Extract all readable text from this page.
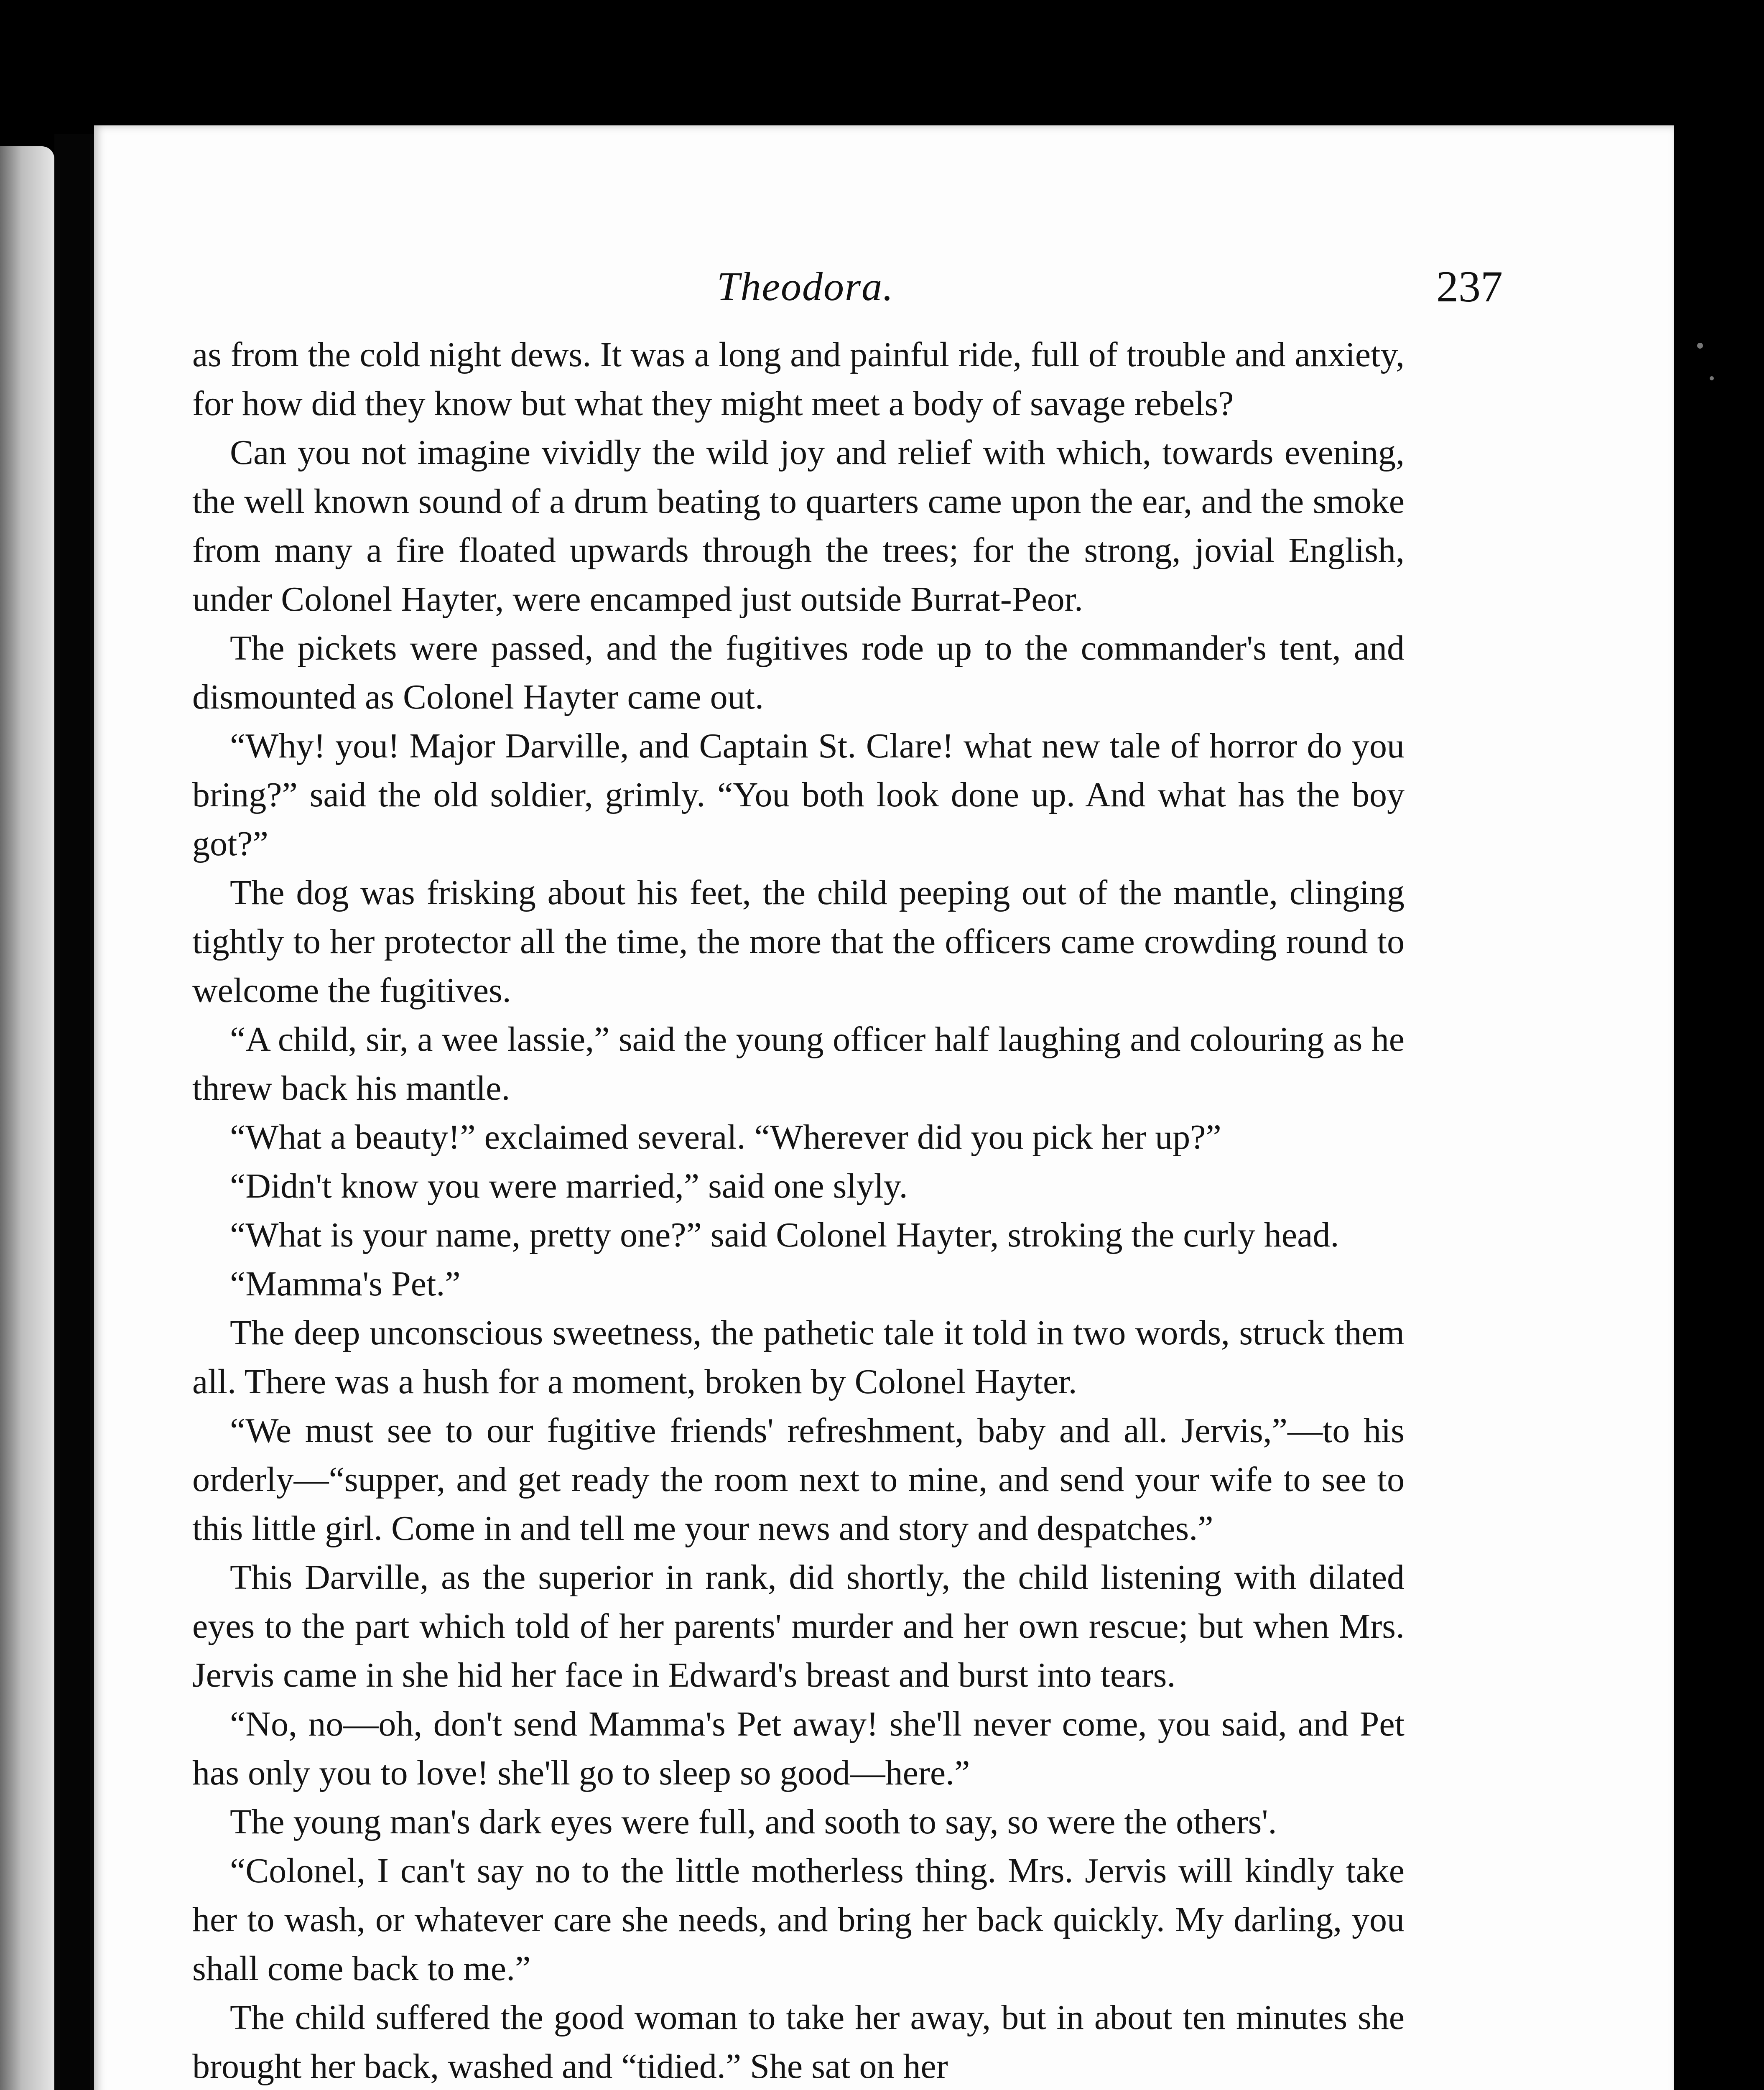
Theodora.	237

as from the cold night dews. It was a long and painful ride, full of trouble and anxiety, for how did they know but what they might meet a body of savage rebels?

Can you not imagine vividly the wild joy and relief with which, towards evening, the well known sound of a drum beating to quarters came upon the ear, and the smoke from many a fire floated upwards through the trees; for the strong, jovial English, under Colonel Hayter, were encamped just outside Burrat-Peor.

The pickets were passed, and the fugitives rode up to the commander's tent, and dismounted as Colonel Hayter came out.

“Why! you! Major Darville, and Captain St. Clare! what new tale of horror do you bring?” said the old soldier, grimly. “You both look done up. And what has the boy got?”

The dog was frisking about his feet, the child peeping out of the mantle, clinging tightly to her protector all the time, the more that the officers came crowding round to welcome the fugitives.

“A child, sir, a wee lassie,” said the young officer half laughing and colouring as he threw back his mantle.

“What a beauty!” exclaimed several. “Wherever did you pick her up?”

“Didn't know you were married,” said one slyly.

“What is your name, pretty one?” said Colonel Hayter, stroking the curly head.

“Mamma's Pet.”

The deep unconscious sweetness, the pathetic tale it told in two words, struck them all. There was a hush for a moment, broken by Colonel Hayter.

“We must see to our fugitive friends' refreshment, baby and all. Jervis,”—to his orderly—“supper, and get ready the room next to mine, and send your wife to see to this little girl. Come in and tell me your news and story and despatches.”

This Darville, as the superior in rank, did shortly, the child listening with dilated eyes to the part which told of her parents' murder and her own rescue; but when Mrs. Jervis came in she hid her face in Edward's breast and burst into tears.

“No, no—oh, don't send Mamma's Pet away! she'll never come, you said, and Pet has only you to love! she'll go to sleep so good—here.”

The young man's dark eyes were full, and sooth to say, so were the others'.

“Colonel, I can't say no to the little motherless thing. Mrs. Jervis will kindly take her to wash, or whatever care she needs, and bring her back quickly. My darling, you shall come back to me.”

The child suffered the good woman to take her away, but in about ten minutes she brought her back, washed and “tidied.” She sat on her
